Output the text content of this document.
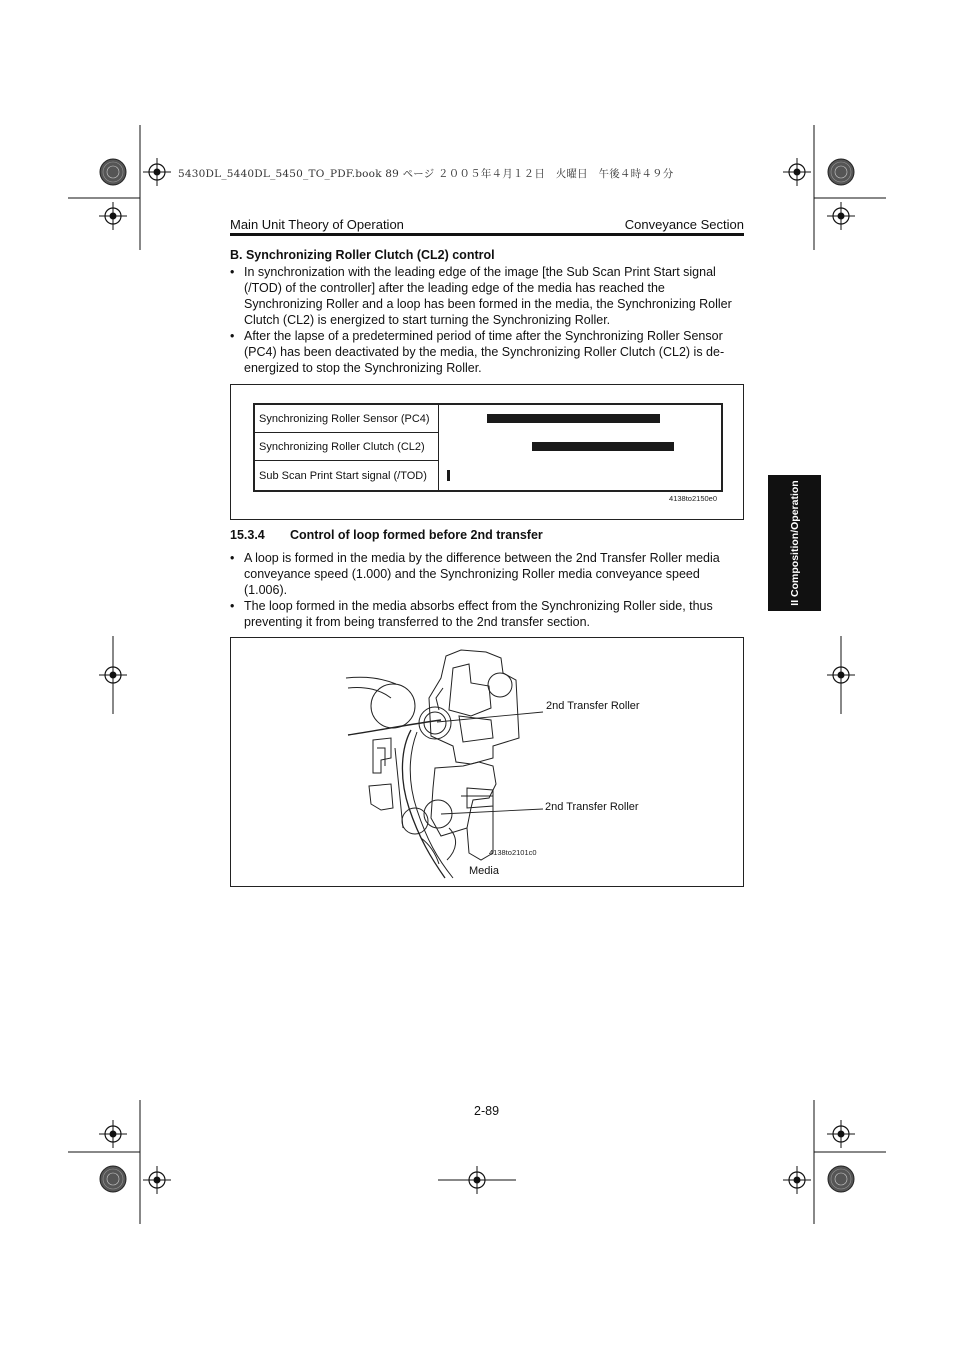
5430DL_5440DL_5450_TO_PDF.book 89 ページ ２００５年４月１２日　火曜日　午後４時４９分
Main Unit Theory of Operation	Conveyance Section
B. Synchronizing Roller Clutch (CL2) control

• In synchronization with the leading edge of the image [the Sub Scan Print Start signal (/TOD) of the controller] after the leading edge of the media has reached the Synchronizing Roller and a loop has been formed in the media, the Synchronizing Roller Clutch (CL2) is energized to start turning the Synchronizing Roller.

• After the lapse of a predetermined period of time after the Synchronizing Roller Sensor (PC4) has been deactivated by the media, the Synchronizing Roller Clutch (CL2) is de-energized to stop the Synchronizing Roller.

Synchronizing Roller Sensor (PC4)
Synchronizing Roller Clutch (CL2)
Sub Scan Print Start signal (/TOD)
4138to2150e0
15.3.4 Control of loop formed before 2nd transfer

• A loop is formed in the media by the difference between the 2nd Transfer Roller media conveyance speed (1.000) and the Synchronizing Roller media conveyance speed (1.006).

• The loop formed in the media absorbs effect from the Synchronizing Roller side, thus preventing it from being transferred to the 2nd transfer section.

2nd Transfer Roller
2nd Transfer Roller
4138to2101c0
Media
2-89
II Composition/Operation
